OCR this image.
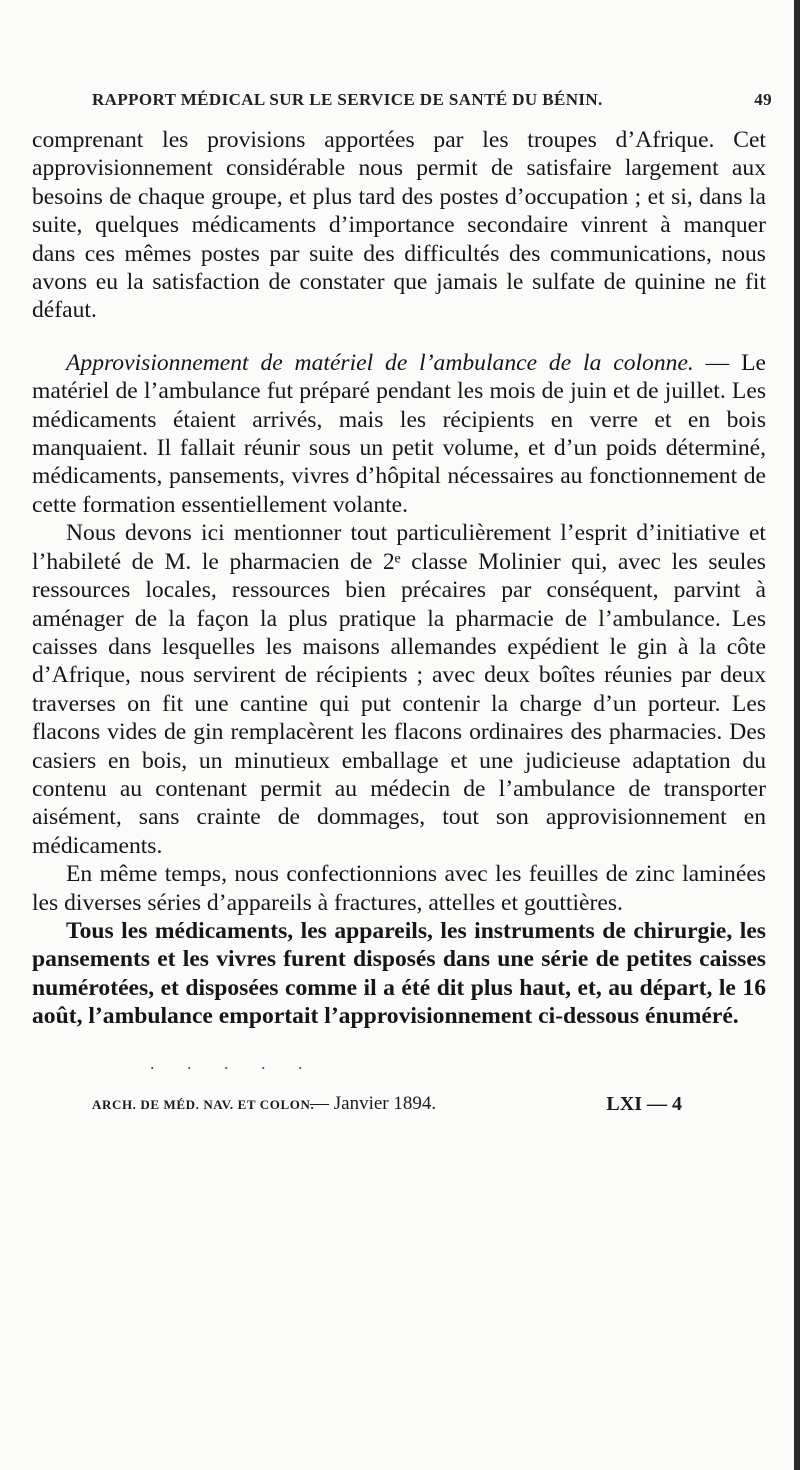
RAPPORT MÉDICAL SUR LE SERVICE DE SANTÉ DU BÉNIN.	49

comprenant les provisions apportées par les troupes d’Afrique. Cet approvisionnement considérable nous permit de satisfaire largement aux besoins de chaque groupe, et plus tard des postes d’occupation ; et si, dans la suite, quelques médicaments d’importance secondaire vinrent à manquer dans ces mêmes postes par suite des difficultés des communications, nous avons eu la satisfaction de constater que jamais le sulfate de quinine ne fit défaut.

Approvisionnement de matériel de l’ambulance de la colonne. — Le matériel de l’ambulance fut préparé pendant les mois de juin et de juillet. Les médicaments étaient arrivés, mais les récipients en verre et en bois manquaient. Il fallait réunir sous un petit volume, et d’un poids déterminé, médicaments, pansements, vivres d’hôpital nécessaires au fonctionnement de cette formation essentiellement volante.

Nous devons ici mentionner tout particulièrement l’esprit d’initiative et l’habileté de M. le pharmacien de 2ᵉ classe Molinier qui, avec les seules ressources locales, ressources bien précaires par conséquent, parvint à aménager de la façon la plus pratique la pharmacie de l’ambulance. Les caisses dans lesquelles les maisons allemandes expédient le gin à la côte d’Afrique, nous servirent de récipients ; avec deux boîtes réunies par deux traverses on fit une cantine qui put contenir la charge d’un porteur. Les flacons vides de gin remplacèrent les flacons ordinaires des pharmacies. Des casiers en bois, un minutieux emballage et une judicieuse adaptation du contenu au contenant permit au médecin de l’ambulance de transporter aisément, sans crainte de dommages, tout son approvisionnement en médicaments.

En même temps, nous confectionnions avec les feuilles de zinc laminées les diverses séries d’appareils à fractures, attelles et gouttières.

Tous les médicaments, les appareils, les instruments de chirurgie, les pansements et les vivres furent disposés dans une série de petites caisses numérotées, et disposées comme il a été dit plus haut, et, au départ, le 16 août, l’ambulance emportait l’approvisionnement ci-dessous énuméré.

. . . . .
ARCH. DE MÉD. NAV. ET COLON.
— Janvier 1894.	LXI — 4
